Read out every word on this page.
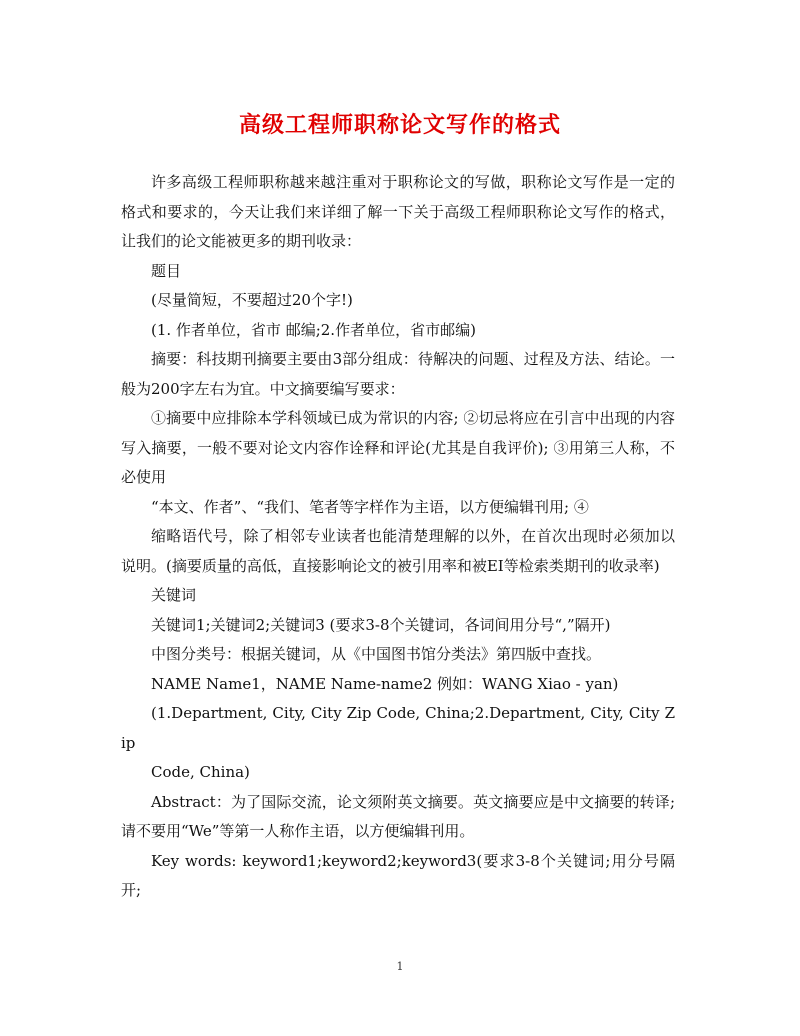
高级工程师职称论文写作的格式

许多高级工程师职称越来越注重对于职称论文的写做，职称论文写作是一定的格式和要求的，今天让我们来详细了解一下关于高级工程师职称论文写作的格式，让我们的论文能被更多的期刊收录：

题目

(尽量简短，不要超过20个字!)

(1. 作者单位，省市 邮编;2.作者单位，省市邮编)

摘要：科技期刊摘要主要由3部分组成：待解决的问题、过程及方法、结论。一般为200字左右为宜。中文摘要编写要求：

①摘要中应排除本学科领域已成为常识的内容; ②切忌将应在引言中出现的内容写入摘要，一般不要对论文内容作诠释和评论(尤其是自我评价); ③用第三人称，不必使用

“本文、作者”、“我们、笔者等字样作为主语，以方便编辑刊用; ④

缩略语代号，除了相邻专业读者也能清楚理解的以外，在首次出现时必须加以说明。(摘要质量的高低，直接影响论文的被引用率和被EI等检索类期刊的收录率)

关键词

关键词1;关键词2;关键词3 (要求3-8个关键词，各词间用分号“,”隔开)

中图分类号：根据关键词，从《中国图书馆分类法》第四版中查找。

NAME Name1，NAME Name-name2 例如：WANG Xiao - yan)

(1.Department, City, City Zip Code, China;2.Department, City, City Zip

Code, China)

Abstract：为了国际交流，论文须附英文摘要。英文摘要应是中文摘要的转译;请不要用“We”等第一人称作主语，以方便编辑刊用。

Key words: keyword1;keyword2;keyword3(要求3-8个关键词;用分号隔开;

1
